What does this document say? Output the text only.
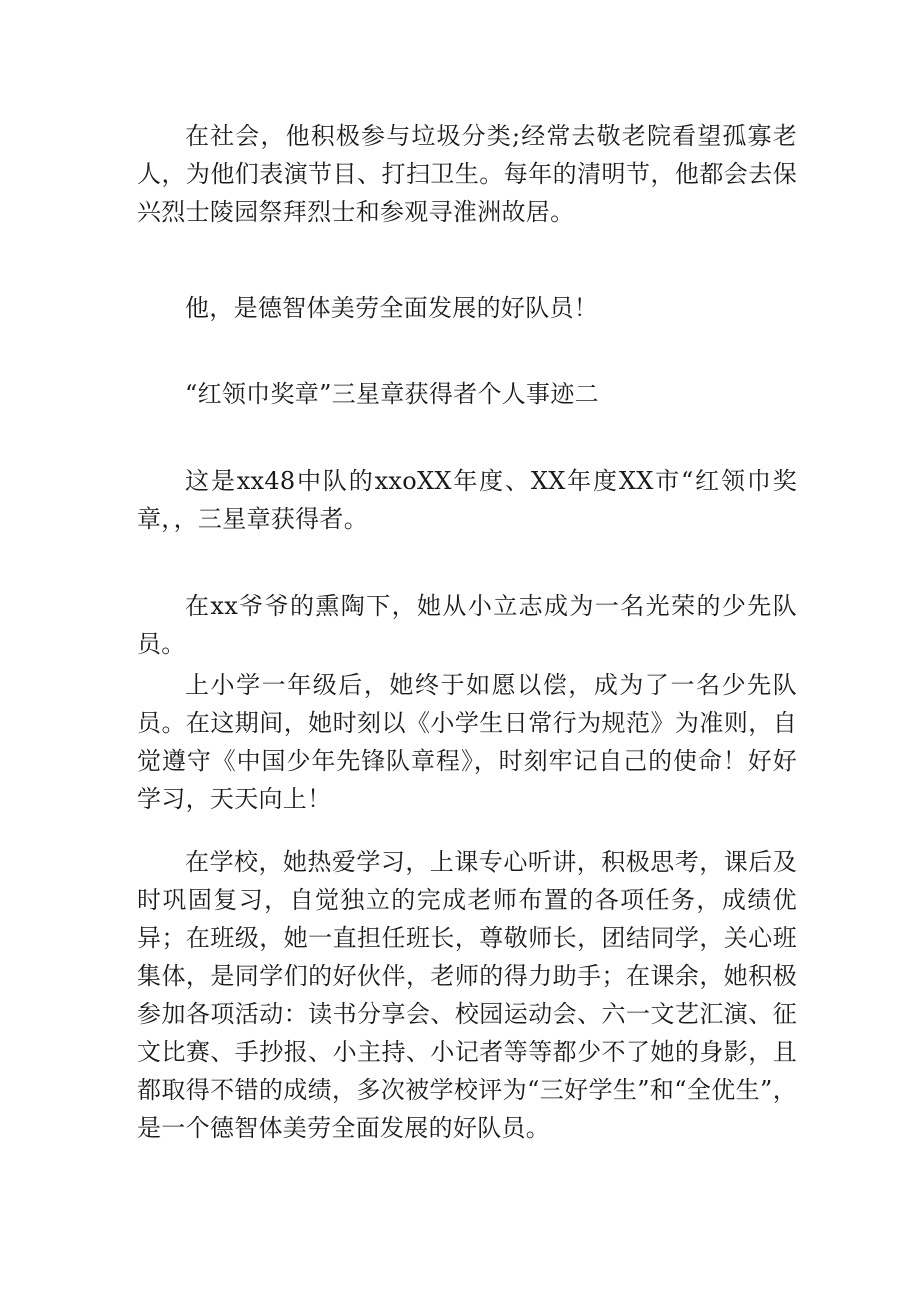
在社会，他积极参与垃圾分类;经常去敬老院看望孤寡老人，为他们表演节目、打扫卫生。每年的清明节，他都会去保兴烈士陵园祭拜烈士和参观寻淮洲故居。

他，是德智体美劳全面发展的好队员！

“红领巾奖章”三星章获得者个人事迹二

这是xx48中队的xxoXX年度、XX年度XX市“红领巾奖章，，三星章获得者。

在xx爷爷的熏陶下，她从小立志成为一名光荣的少先队员。

上小学一年级后，她终于如愿以偿，成为了一名少先队员。在这期间，她时刻以《小学生日常行为规范》为准则，自觉遵守《中国少年先锋队章程》，时刻牢记自己的使命！好好学习，天天向上！

在学校，她热爱学习，上课专心听讲，积极思考，课后及时巩固复习，自觉独立的完成老师布置的各项任务，成绩优异；在班级，她一直担任班长，尊敬师长，团结同学，关心班集体，是同学们的好伙伴，老师的得力助手；在课余，她积极参加各项活动：读书分享会、校园运动会、六一文艺汇演、征文比赛、手抄报、小主持、小记者等等都少不了她的身影，且都取得不错的成绩，多次被学校评为“三好学生”和“全优生”，是一个德智体美劳全面发展的好队员。
